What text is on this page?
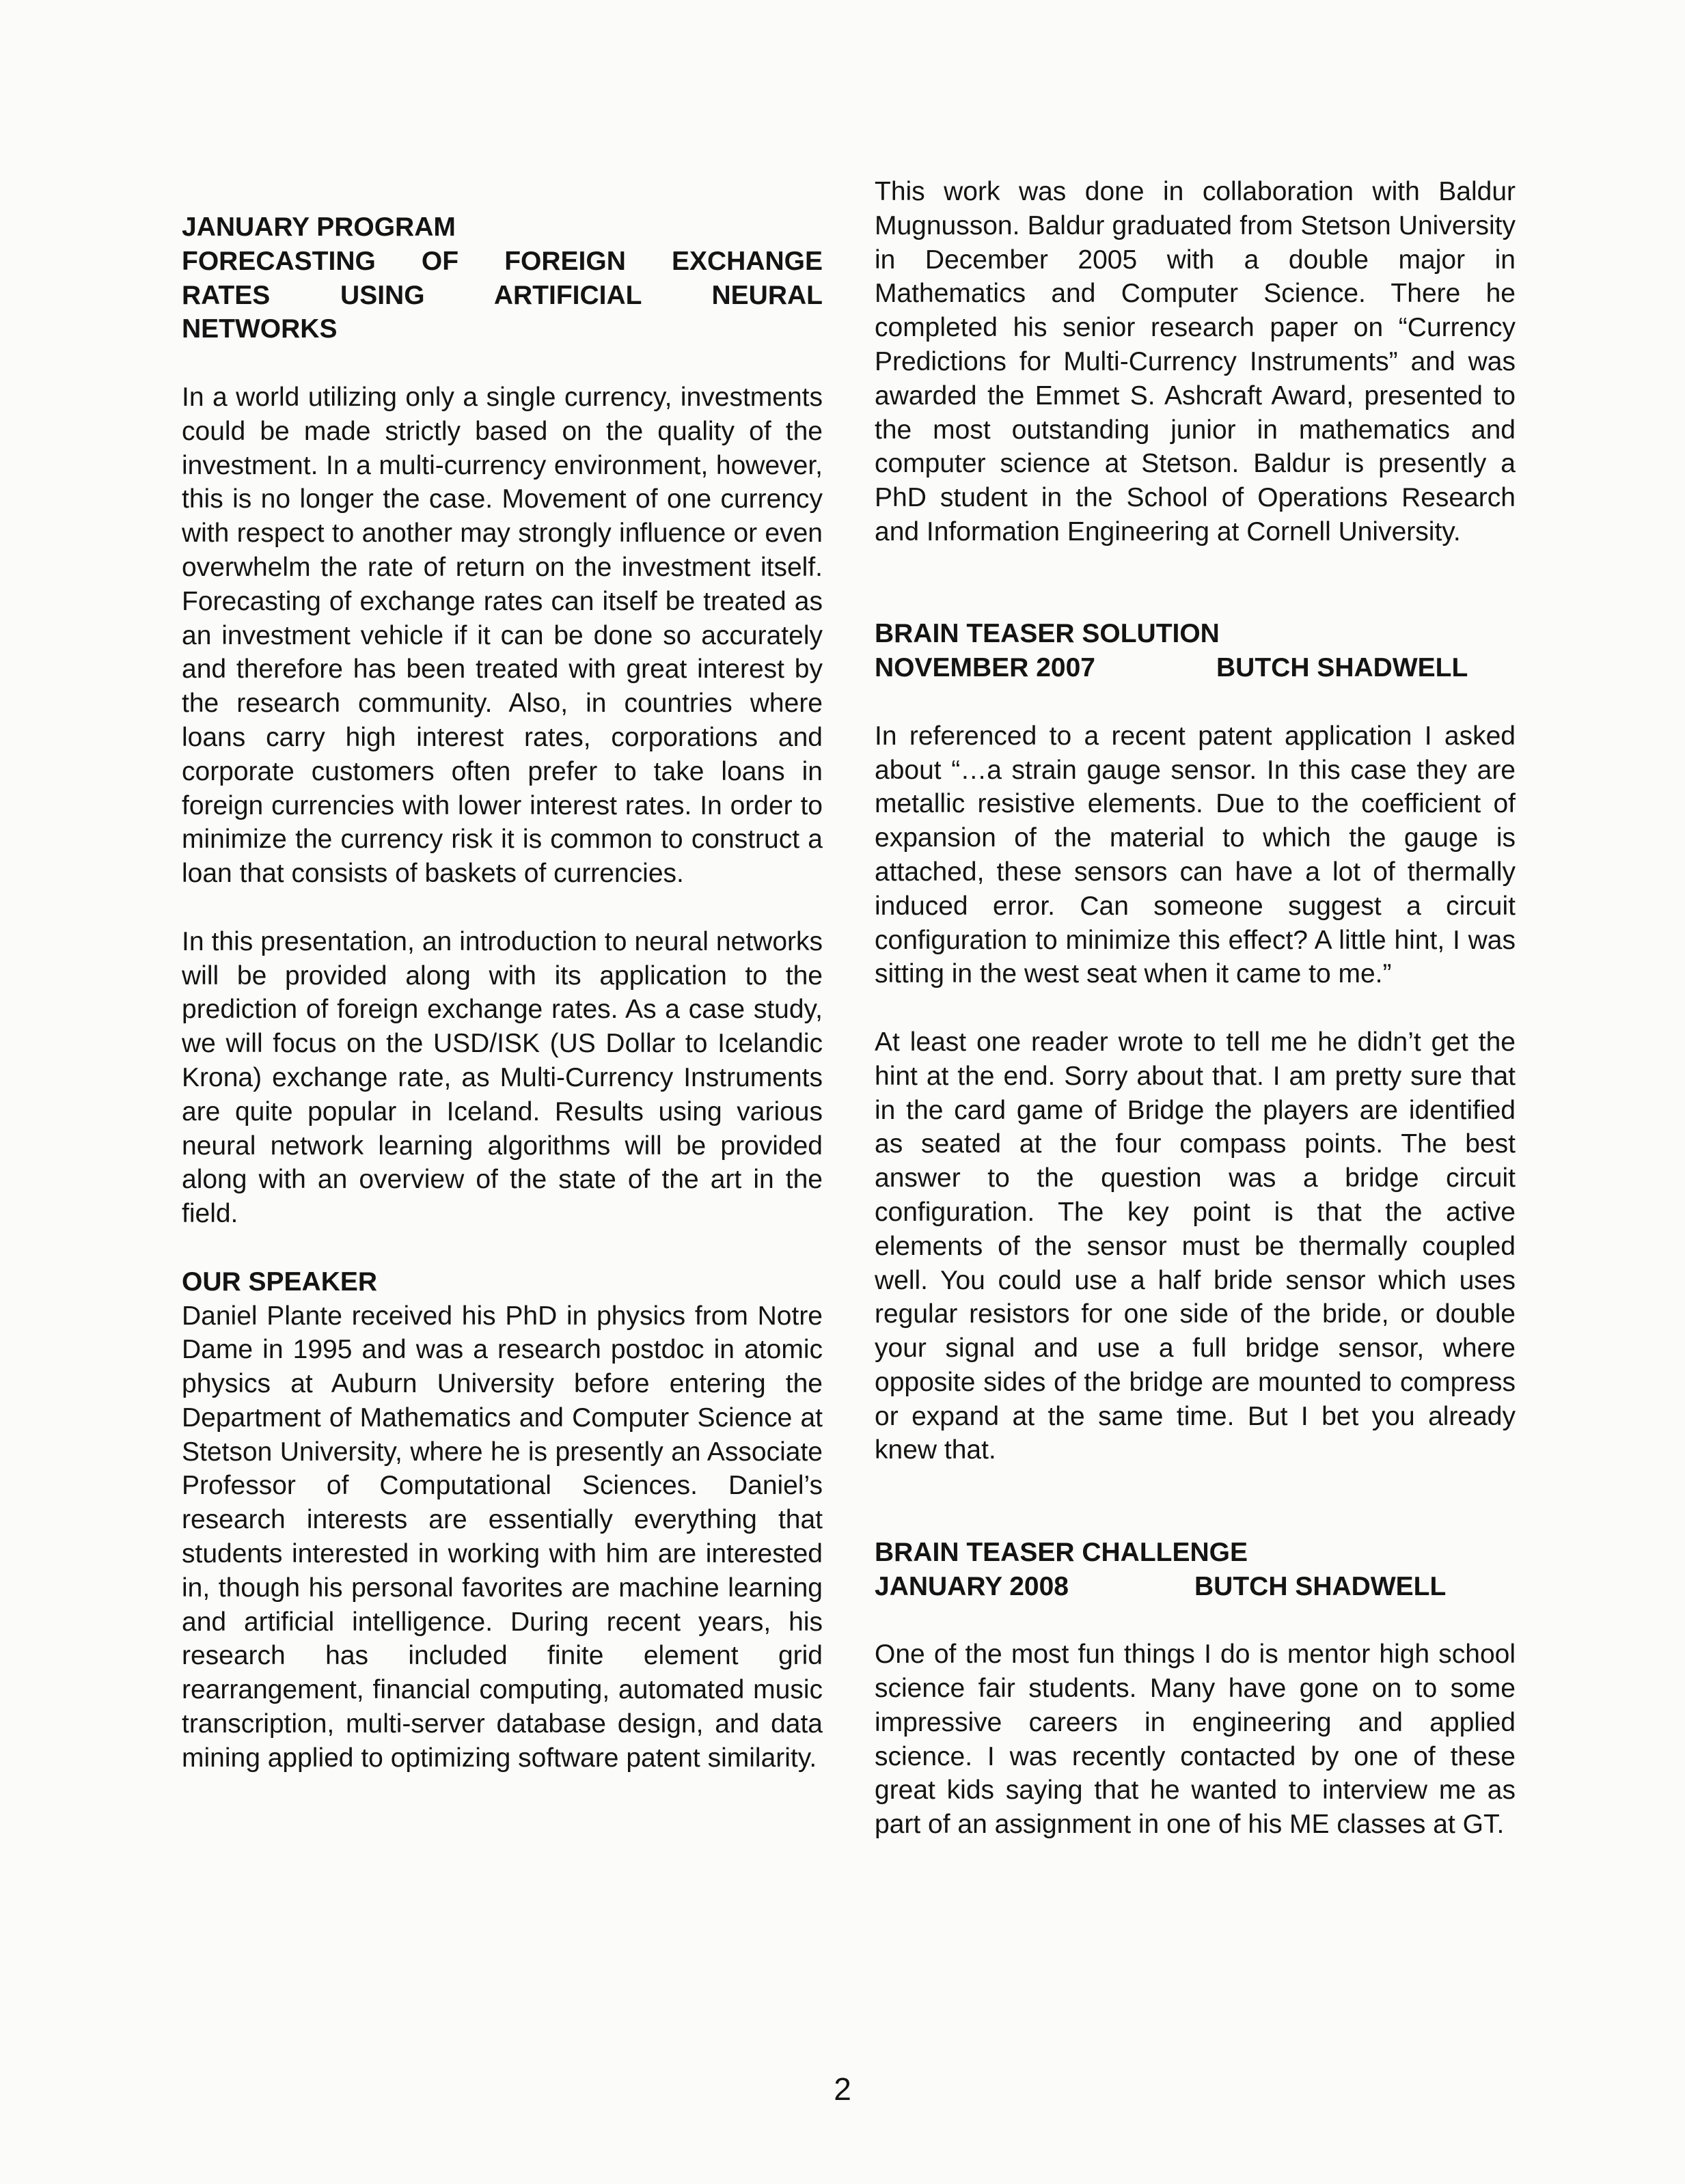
JANUARY PROGRAM

FORECASTING OF FOREIGN EXCHANGE

RATES USING ARTIFICIAL NEURAL

NETWORKS

In a world utilizing only a single currency, investments could be made strictly based on the quality of the investment. In a multi-currency environment, however, this is no longer the case. Movement of one currency with respect to another may strongly influence or even overwhelm the rate of return on the investment itself. Forecasting of exchange rates can itself be treated as an investment vehicle if it can be done so accurately and therefore has been treated with great interest by the research community. Also, in countries where loans carry high interest rates, corporations and corporate customers often prefer to take loans in foreign currencies with lower interest rates. In order to minimize the currency risk it is common to construct a loan that consists of baskets of currencies.

In this presentation, an introduction to neural networks will be provided along with its application to the prediction of foreign exchange rates. As a case study, we will focus on the USD/ISK (US Dollar to Icelandic Krona) exchange rate, as Multi-Currency Instruments are quite popular in Iceland. Results using various neural network learning algorithms will be provided along with an overview of the state of the art in the field.

OUR SPEAKER

Daniel Plante received his PhD in physics from Notre Dame in 1995 and was a research postdoc in atomic physics at Auburn University before entering the Department of Mathematics and Computer Science at Stetson University, where he is presently an Associate Professor of Computational Sciences. Daniel’s research interests are essentially everything that students interested in working with him are interested in, though his personal favorites are machine learning and artificial intelligence. During recent years, his research has included finite element grid rearrangement, financial computing, automated music transcription, multi-server database design, and data mining applied to optimizing software patent similarity.

This work was done in collaboration with Baldur Mugnusson. Baldur graduated from Stetson University in December 2005 with a double major in Mathematics and Computer Science. There he completed his senior research paper on “Currency Predictions for Multi-Currency Instruments” and was awarded the Emmet S. Ashcraft Award, presented to the most outstanding junior in mathematics and computer science at Stetson. Baldur is presently a PhD student in the School of Operations Research and Information Engineering at Cornell University.

BRAIN TEASER SOLUTION

NOVEMBER 2007	BUTCH SHADWELL

In referenced to a recent patent application I asked about “…a strain gauge sensor. In this case they are metallic resistive elements. Due to the coefficient of expansion of the material to which the gauge is attached, these sensors can have a lot of thermally induced error. Can someone suggest a circuit configuration to minimize this effect? A little hint, I was sitting in the west seat when it came to me.”

At least one reader wrote to tell me he didn’t get the hint at the end. Sorry about that. I am pretty sure that in the card game of Bridge the players are identified as seated at the four compass points. The best answer to the question was a bridge circuit configuration. The key point is that the active elements of the sensor must be thermally coupled well. You could use a half bride sensor which uses regular resistors for one side of the bride, or double your signal and use a full bridge sensor, where opposite sides of the bridge are mounted to compress or expand at the same time. But I bet you already knew that.

BRAIN TEASER CHALLENGE

JANUARY 2008	BUTCH SHADWELL

One of the most fun things I do is mentor high school science fair students. Many have gone on to some impressive careers in engineering and applied science. I was recently contacted by one of these great kids saying that he wanted to interview me as part of an assignment in one of his ME classes at GT.

2
